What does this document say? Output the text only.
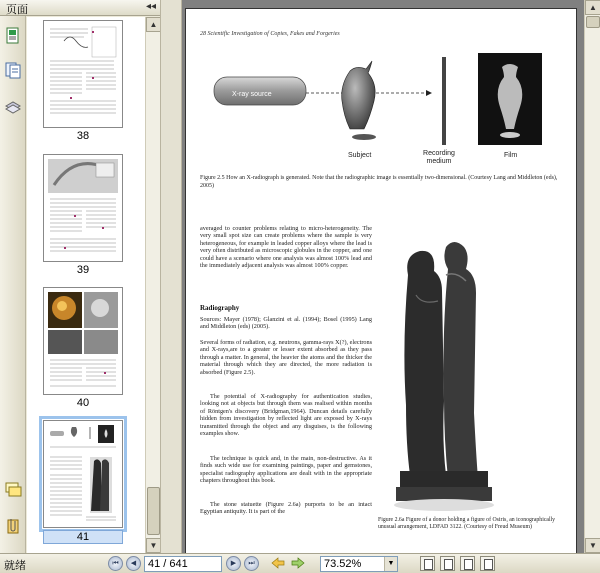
页面	◂◂
38
39
40
41
▲
▼
28 Scientific Investigation of Copies, Fakes and Forgeries
X-ray source
Subject	Recording medium
Film
Figure 2.5 How an X-radiograph is generated. Note that the radiographic image is essentially two-dimensional. (Courtesy Lang and Middleton (eds), 2005)
averaged to counter problems relating to micro-heterogeneity. The very small spot size can create problems where the sample is very heterogeneous, for example in leaded copper alloys where the lead is very often distributed as microscopic globules in the copper, and one could have a scenario where one analysis was almost 100% lead and the immediately adjacent analysis was almost 100% copper.
Radiography
Sources: Mayer (1978); Glanzini et al. (1994); Bosel (1995) Lang and Middleton (eds) (2005).
Several forms of radiation, e.g. neutrons, gamma-rays X(?), electrons and X-rays,are to a greater or lesser extent absorbed as they pass through a matter. In general, the heavier the atoms and the thicker the material through which they are directed, the more radiation is absorbed (Figure 2.5).
The potential of X-radiography for authentication studies, looking not at objects but through them was realised within months of Röntgen's discovery (Bridgman,1964). Duncan details carefully hidden from investigation by reflected light are exposed by X-rays transmitted through the object and any disguises, is the following examples show.
The technique is quick and, in the main, non-destructive. As it finds such wide use for examining paintings, paper and gemstones, specialist radiography applications are dealt with in the appropriate chapters throughout this book.
The stone statuette (Figure 2.6a) purports to be an intact Egyptian antiquity. It is part of the
Figure 2.6a Figure of a donor holding a figure of Osiris, an iconographically unusual arrangement, LDFAD 3122. (Courtesy of Freud Museum)
▲
▼
就绪	⏮	◀	41 / 641	▶	⏭	73.52%	▼
